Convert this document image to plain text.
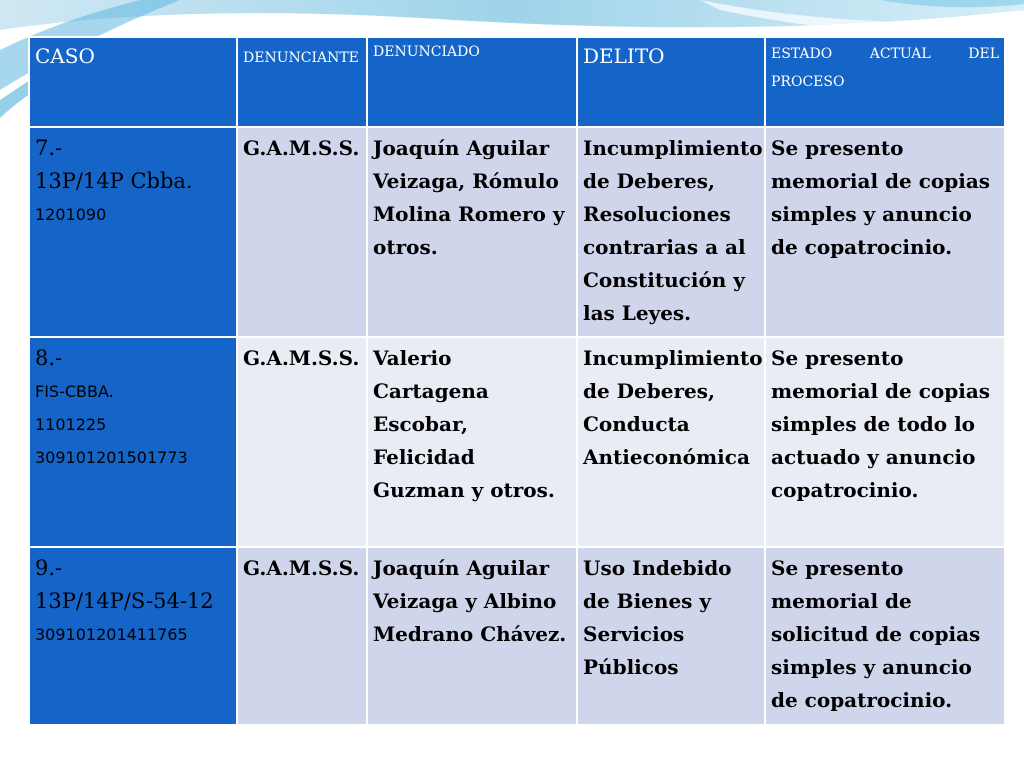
CASO	DENUNCIANTE	DENUNCIADO	DELITO	ESTADO ACTUAL DEL PROCESO

7.-
13P/14P Cbba.
1201090	G.A.M.S.S.	Joaquín Aguilar Veizaga, Rómulo Molina Romero y otros.	Incumplimiento de Deberes, Resoluciones contrarias a al Constitución y las Leyes.	Se presento memorial de copias simples y anuncio de copatrocinio.

8.-
FIS-CBBA.
1101225
309101201501773	G.A.M.S.S.	Valerio Cartagena Escobar, Felicidad Guzman y otros.	Incumplimiento de Deberes, Conducta Antieconómica	Se presento memorial de copias simples de todo lo actuado y anuncio copatrocinio.

9.-
13P/14P/S-54-12
309101201411765	G.A.M.S.S.	Joaquín Aguilar Veizaga y Albino Medrano Chávez.	Uso Indebido de Bienes y Servicios Públicos	Se presento memorial de solicitud de copias simples y anuncio de copatrocinio.
